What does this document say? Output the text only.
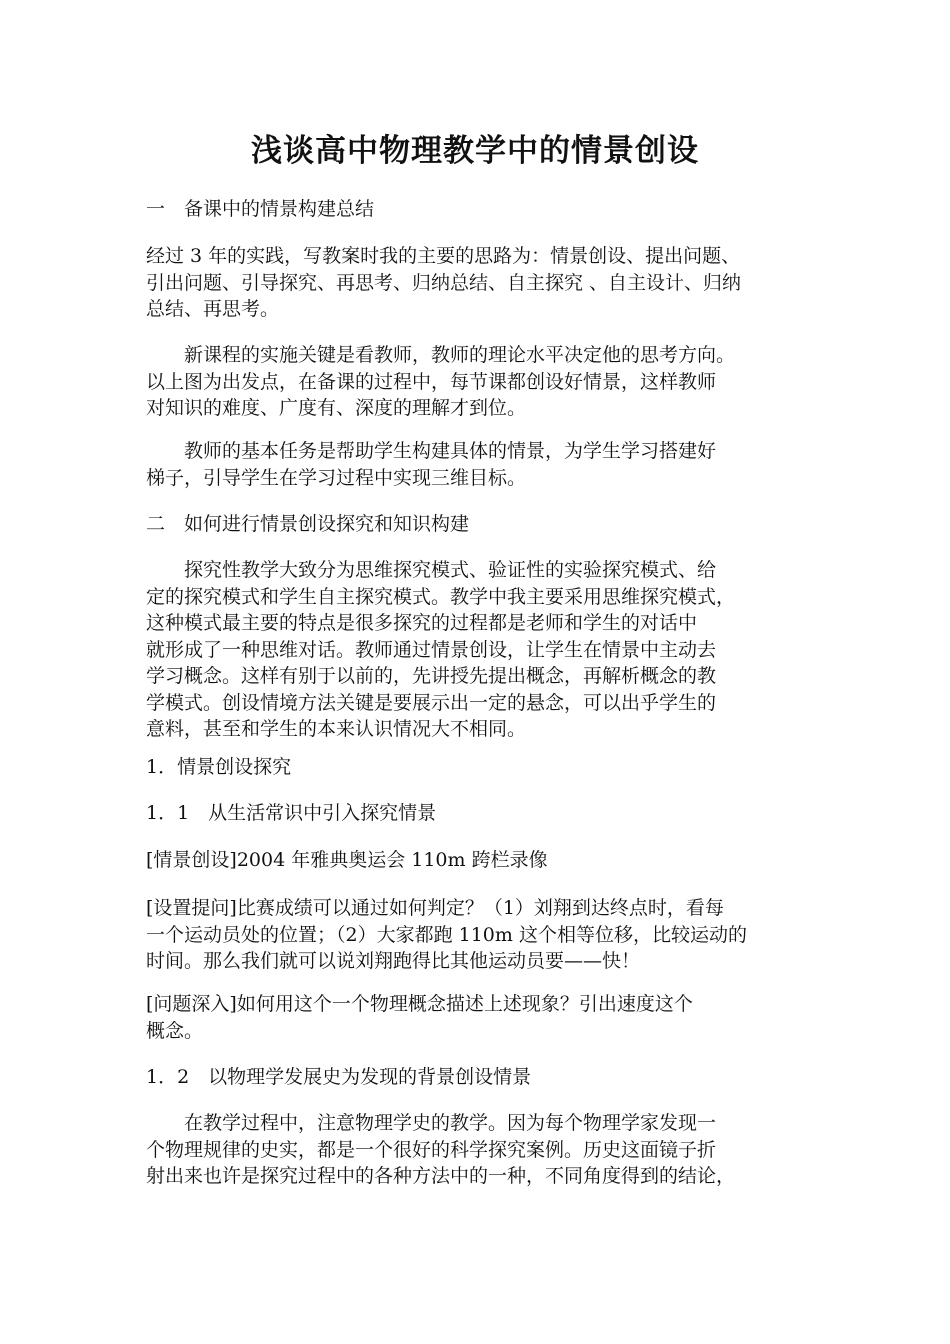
浅谈高中物理教学中的情景创设

一　备课中的情景构建总结

经过 3 年的实践，写教案时我的主要的思路为：情景创设、提出问题、
引出问题、引导探究、再思考、归纳总结、自主探究 、自主设计、归纳
总结、再思考。

　　新课程的实施关键是看教师，教师的理论水平决定他的思考方向。
以上图为出发点，在备课的过程中，每节课都创设好情景，这样教师
对知识的难度、广度有、深度的理解才到位。

　　教师的基本任务是帮助学生构建具体的情景，为学生学习搭建好
梯子，引导学生在学习过程中实现三维目标。

二　如何进行情景创设探究和知识构建

　　探究性教学大致分为思维探究模式、验证性的实验探究模式、给
定的探究模式和学生自主探究模式。教学中我主要采用思维探究模式，
这种模式最主要的特点是很多探究的过程都是老师和学生的对话中
就形成了一种思维对话。教师通过情景创设，让学生在情景中主动去
学习概念。这样有别于以前的，先讲授先提出概念，再解析概念的教
学模式。创设情境方法关键是要展示出一定的悬念，可以出乎学生的
意料，甚至和学生的本来认识情况大不相同。

1．情景创设探究

1．1　从生活常识中引入探究情景

[情景创设]2004 年雅典奥运会 110m 跨栏录像

[设置提问]比赛成绩可以通过如何判定？（1）刘翔到达终点时，看每
一个运动员处的位置；（2）大家都跑 110m 这个相等位移，比较运动的
时间。那么我们就可以说刘翔跑得比其他运动员要——快！

[问题深入]如何用这个一个物理概念描述上述现象？引出速度这个
概念。

1．2　以物理学发展史为发现的背景创设情景

　　在教学过程中，注意物理学史的教学。因为每个物理学家发现一
个物理规律的史实，都是一个很好的科学探究案例。历史这面镜子折
射出来也许是探究过程中的各种方法中的一种，不同角度得到的结论，
